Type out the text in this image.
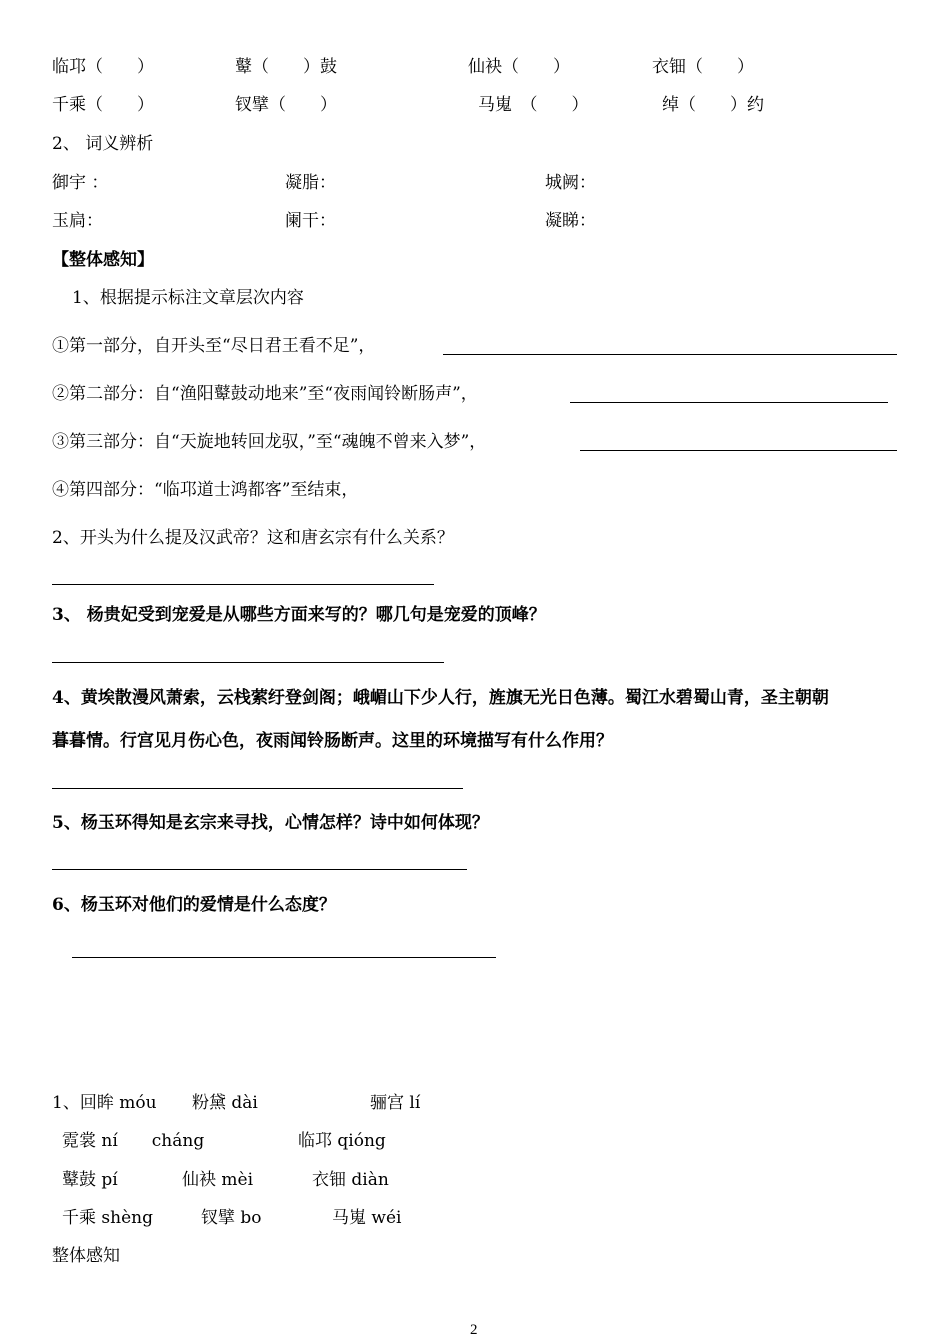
临邛（　　）	鼙（　　）鼓	仙袂（　　）	衣钿（　　）
千乘（　　）	钗擘（　　）	马嵬　（　　）	绰（　　）约
2、 词义辨析
御宇 ：	凝脂：	城阙：
玉扃：	阑干：	凝睇：
【整体感知】
1、根据提示标注文章层次内容
①第一部分，自开头至“尽日君王看不足”，
②第二部分：自“渔阳鼙鼓动地来”至“夜雨闻铃断肠声”，
③第三部分：自“天旋地转回龙驭，”至“魂魄不曾来入梦”，
④第四部分：“临邛道士鸿都客”至结束，
2、开头为什么提及汉武帝？这和唐玄宗有什么关系？
3、 杨贵妃受到宠爱是从哪些方面来写的？哪几句是宠爱的顶峰？
4、黄埃散漫风萧索，云栈萦纡登剑阁；峨嵋山下少人行，旌旗无光日色薄。蜀江水碧蜀山青，圣主朝朝
暮暮情。行宫见月伤心色，夜雨闻铃肠断声。这里的环境描写有什么作用？
5、杨玉环得知是玄宗来寻找，心情怎样？诗中如何体现？
6、杨玉环对他们的爱情是什么态度？
1、回眸 móu 粉黛 dài	骊宫 lí
霓裳 ní　　cháng	临邛 qióng
鼙鼓 pí	仙袂 mèi	衣钿 diàn
千乘 shèng	钗擘 bo	马嵬 wéi
整体感知
2
